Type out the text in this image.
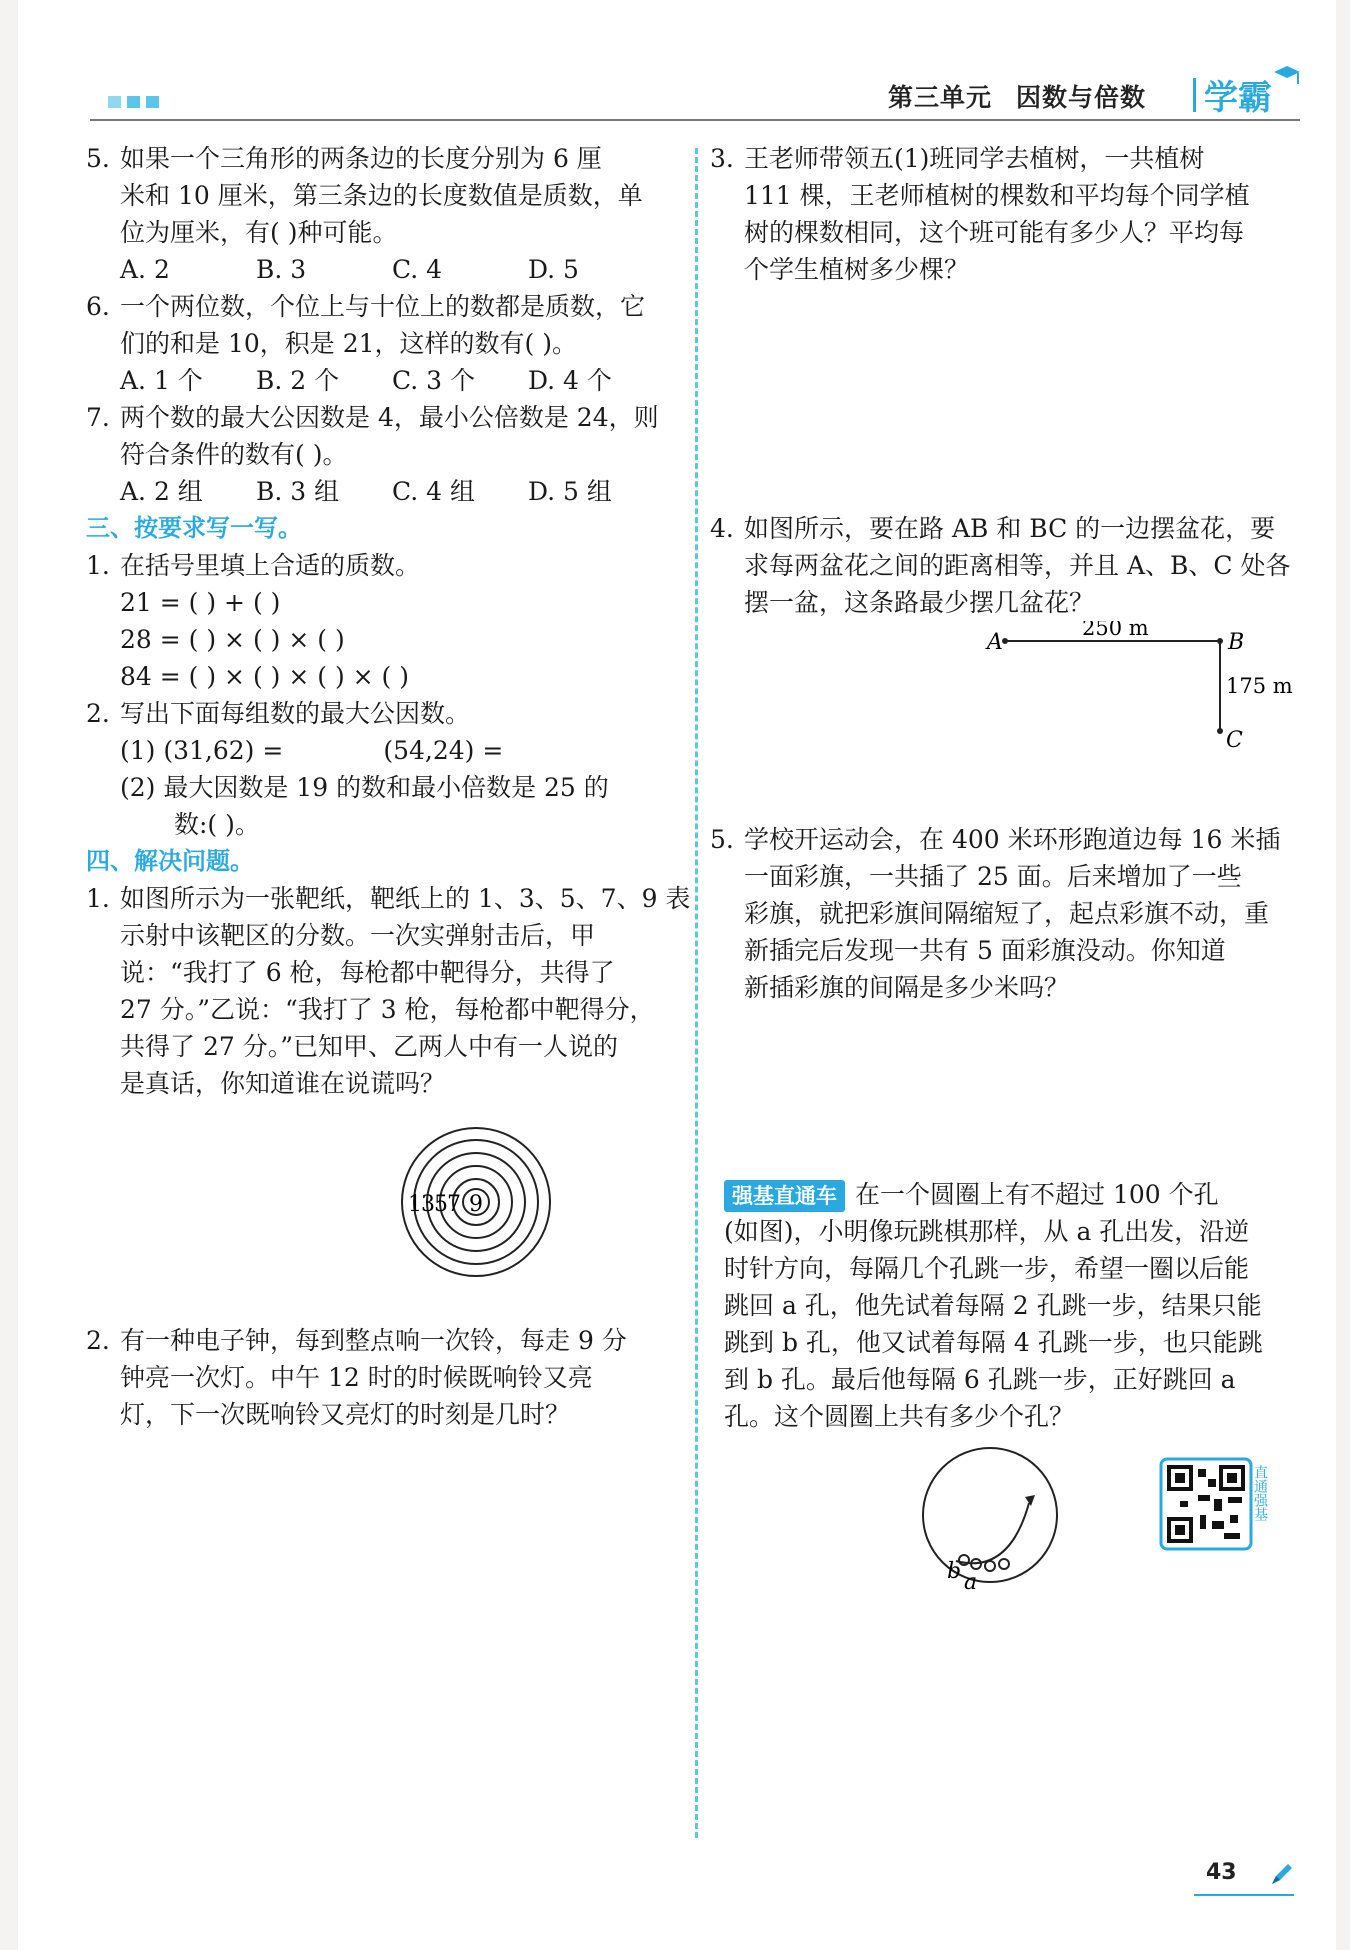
第三单元 因数与倍数 学霸
5. 如果一个三角形的两条边的长度分别为 6 厘
米和 10 厘米，第三条边的长度数值是质数，单
位为厘米，有( )种可能。
A. 2	B. 3	C. 4	D. 5
6. 一个两位数，个位上与十位上的数都是质数，它
们的和是 10，积是 21，这样的数有( )。
A. 1 个	B. 2 个	C. 3 个	D. 4 个
7. 两个数的最大公因数是 4，最小公倍数是 24，则
符合条件的数有( )。
A. 2 组	B. 3 组	C. 4 组	D. 5 组
三、按要求写一写。
1. 在括号里填上合适的质数。
21 = ( ) + ( )
28 = ( ) × ( ) × ( )
84 = ( ) × ( ) × ( ) × ( )
2. 写出下面每组数的最大公因数。
(1) (31,62) =	(54,24) =
(2) 最大因数是 19 的数和最小倍数是 25 的
数:( )。
四、解决问题。
1. 如图所示为一张靶纸，靶纸上的 1、3、5、7、9 表
示射中该靶区的分数。一次实弹射击后，甲
说：“我打了 6 枪，每枪都中靶得分，共得了
27 分。”乙说：“我打了 3 枪，每枪都中靶得分，
共得了 27 分。”已知甲、乙两人中有一人说的
是真话，你知道谁在说谎吗？
1 3 5 7 9
2. 有一种电子钟，每到整点响一次铃，每走 9 分
钟亮一次灯。中午 12 时的时候既响铃又亮
灯，下一次既响铃又亮灯的时刻是几时？
3. 王老师带领五(1)班同学去植树，一共植树
111 棵，王老师植树的棵数和平均每个同学植
树的棵数相同，这个班可能有多少人？平均每
个学生植树多少棵？
4. 如图所示，要在路 AB 和 BC 的一边摆盆花，要
求每两盆花之间的距离相等，并且 A、B、C 处各
摆一盆，这条路最少摆几盆花？
A	B
C
250 m
175 m
5. 学校开运动会，在 400 米环形跑道边每 16 米插
一面彩旗，一共插了 25 面。后来增加了一些
彩旗，就把彩旗间隔缩短了，起点彩旗不动，重
新插完后发现一共有 5 面彩旗没动。你知道
新插彩旗的间隔是多少米吗？
强基直通车 在一个圆圈上有不超过 100 个孔
(如图)，小明像玩跳棋那样，从 a 孔出发，沿逆
时针方向，每隔几个孔跳一步，希望一圈以后能
跳回 a 孔，他先试着每隔 2 孔跳一步，结果只能
跳到 b 孔，他又试着每隔 4 孔跳一步，也只能跳
到 b 孔。最后他每隔 6 孔跳一步，正好跳回 a
孔。这个圆圈上共有多少个孔？
b a
直通强基
43
